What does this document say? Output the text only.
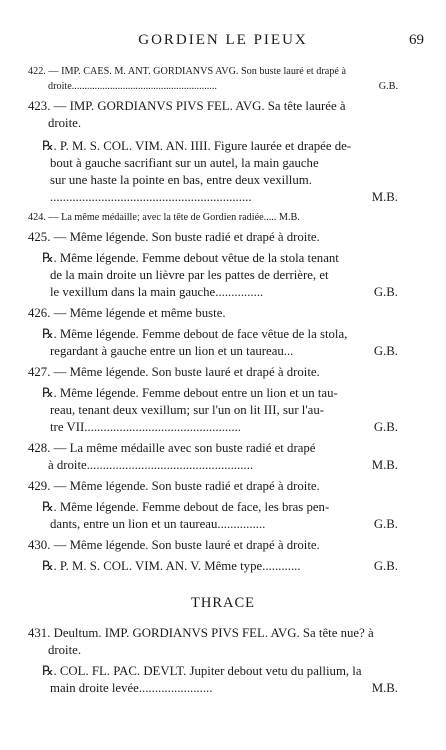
GORDIEN LE PIEUX	69
422. — IMP. CAES. M. ANT. GORDIANVS AVG. Son buste lauré et drapé à
droite.........................................................	G.B.
423. — IMP. GORDIANVS PIVS FEL. AVG. Sa tête laurée à
droite.
℞. P. M. S. COL. VIM. AN. IIII. Figure laurée et drapée de-
bout à gauche sacrifiant sur un autel, la main gauche
sur une haste la pointe en bas, entre deux vexillum.
...............................................................	M.B.
424. — La même médaille; avec la tête de Gordien radiée..... M.B.
425. — Même légende. Son buste radié et drapé à droite.
℞. Même légende. Femme debout vêtue de la stola tenant
de la main droite un lièvre par les pattes de derrière, et
le vexillum dans la main gauche...............	G.B.
426. — Même légende et même buste.
℞. Même légende. Femme debout de face vêtue de la stola,
regardant à gauche entre un lion et un taureau...	G.B.
427. — Même légende. Son buste lauré et drapé à droite.
℞. Même légende. Femme debout entre un lion et un tau-
reau, tenant deux vexillum; sur l'un on lit III, sur l'au-
tre VII.................................................	G.B.
428. — La même médaille avec son buste radié et drapé
à droite....................................................	M.B.
429. — Même légende. Son buste radié et drapé à droite.
℞. Même légende. Femme debout de face, les bras pen-
dants, entre un lion et un taureau...............	G.B.
430. — Même légende. Son buste lauré et drapé à droite.
℞. P. M. S. COL. VIM. AN. V. Même type............	G.B.
THRACE
431. Deultum. IMP. GORDIANVS PIVS FEL. AVG. Sa tête nue? à
droite.
℞. COL. FL. PAC. DEVLT. Jupiter debout vetu du pallium, la
main droite levée.......................	M.B.
